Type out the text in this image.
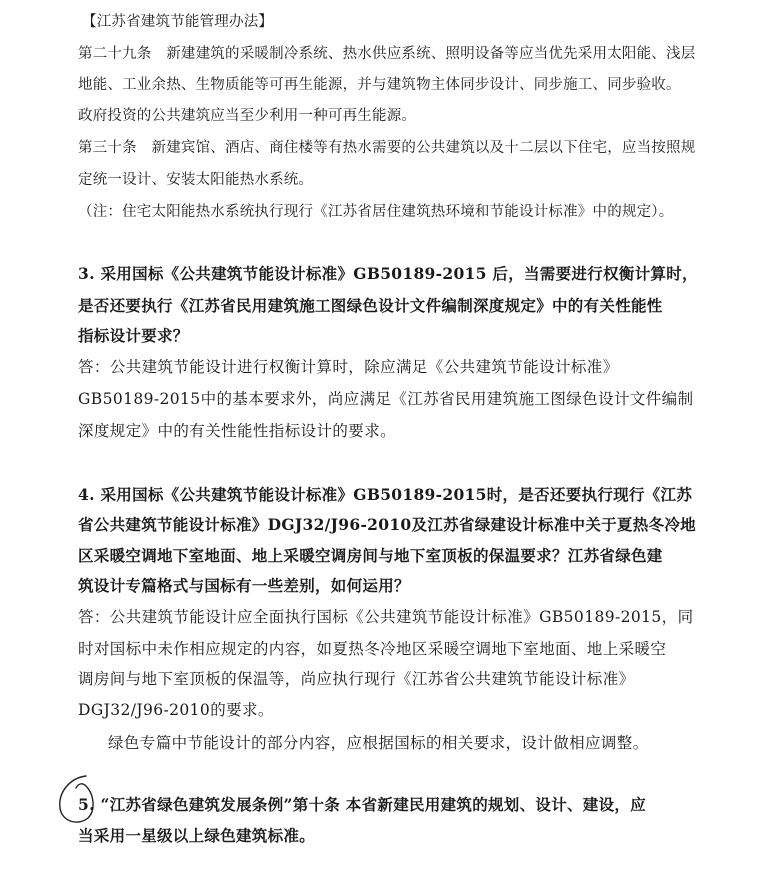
【江苏省建筑节能管理办法】
第二十九条　新建建筑的采暖制冷系统、热水供应系统、照明设备等应当优先采用太阳能、浅层
地能、工业余热、生物质能等可再生能源，并与建筑物主体同步设计、同步施工、同步验收。
政府投资的公共建筑应当至少利用一种可再生能源。
第三十条　新建宾馆、酒店、商住楼等有热水需要的公共建筑以及十二层以下住宅，应当按照规
定统一设计、安装太阳能热水系统。
（注：住宅太阳能热水系统执行现行《江苏省居住建筑热环境和节能设计标准》中的规定）。
3. 采用国标《公共建筑节能设计标准》GB50189-2015 后，当需要进行权衡计算时，
是否还要执行《江苏省民用建筑施工图绿色设计文件编制深度规定》中的有关性能性
指标设计要求？
答：公共建筑节能设计进行权衡计算时，除应满足《公共建筑节能设计标准》
GB50189-2015中的基本要求外，尚应满足《江苏省民用建筑施工图绿色设计文件编制
深度规定》中的有关性能性指标设计的要求。
4. 采用国标《公共建筑节能设计标准》GB50189-2015时，是否还要执行现行《江苏
省公共建筑节能设计标准》DGJ32/J96-2010及江苏省绿建设计标准中关于夏热冬冷地
区采暖空调地下室地面、地上采暖空调房间与地下室顶板的保温要求？江苏省绿色建
筑设计专篇格式与国标有一些差别，如何运用？
答：公共建筑节能设计应全面执行国标《公共建筑节能设计标准》GB50189-2015，同
时对国标中未作相应规定的内容，如夏热冬冷地区采暖空调地下室地面、地上采暖空
调房间与地下室顶板的保温等，尚应执行现行《江苏省公共建筑节能设计标准》
DGJ32/J96-2010的要求。
绿色专篇中节能设计的部分内容，应根据国标的相关要求，设计做相应调整。
5. “江苏省绿色建筑发展条例”第十条 本省新建民用建筑的规划、设计、建设，应
当采用一星级以上绿色建筑标准。
